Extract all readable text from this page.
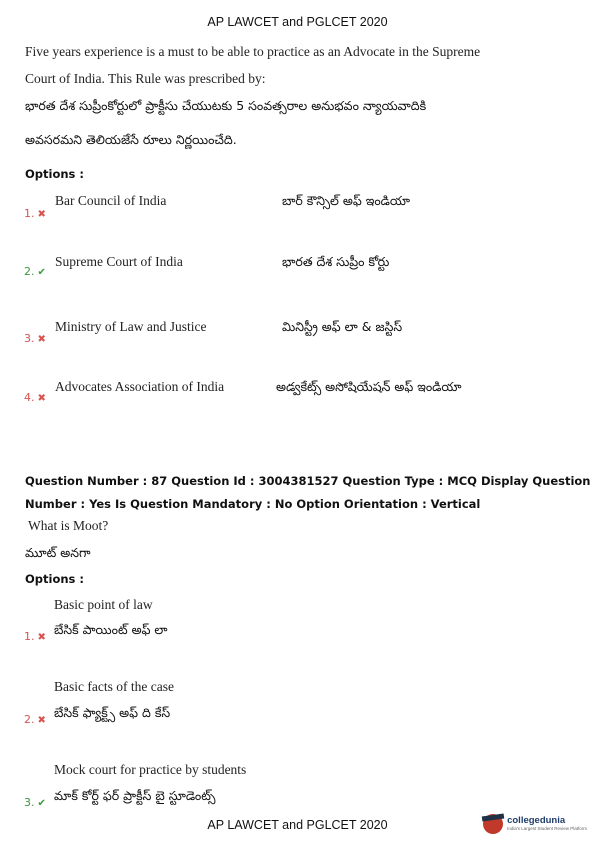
AP LAWCET and PGLCET 2020
Five years experience is a must to be able to practice as an Advocate in the Supreme
Court of India. This Rule was prescribed by:
భారత దేశ సుప్రీంకోర్టులో ప్రాక్టీసు చేయుటకు 5 సంవత్సరాల అనుభవం న్యాయవాదికి
అవసరమని తెలియజేసే రూలు నిర్ణయించేది.
Options :
Bar Council of India	బార్ కౌన్సిల్ అఫ్ ఇండియా
1. ✖
Supreme Court of India	భారత దేశ సుప్రీం కోర్టు
2. ✔
Ministry of Law and Justice	మినిస్ట్రీ అఫ్ లా & జస్టిస్
3. ✖
Advocates Association of India	అడ్వకేట్స్ అసోషియేషన్ అఫ్ ఇండియా
4. ✖
Question Number : 87 Question Id : 3004381527 Question Type : MCQ Display Question
Number : Yes Is Question Mandatory : No Option Orientation : Vertical
What is Moot?
మూట్ అనగా
Options :
Basic point of law
బేసిక్ పాయింట్ అఫ్ లా
1. ✖
Basic facts of the case
బేసిక్ ఫ్యాక్ట్స్ అఫ్ ది కేస్
2. ✖
Mock court for practice by students
మాక్ కోర్ట్ ఫర్ ప్రాక్టీస్ బై స్టూడెంట్స్
3. ✔
AP LAWCET and PGLCET 2020	collegedunia
India's Largest Student Review Platform
